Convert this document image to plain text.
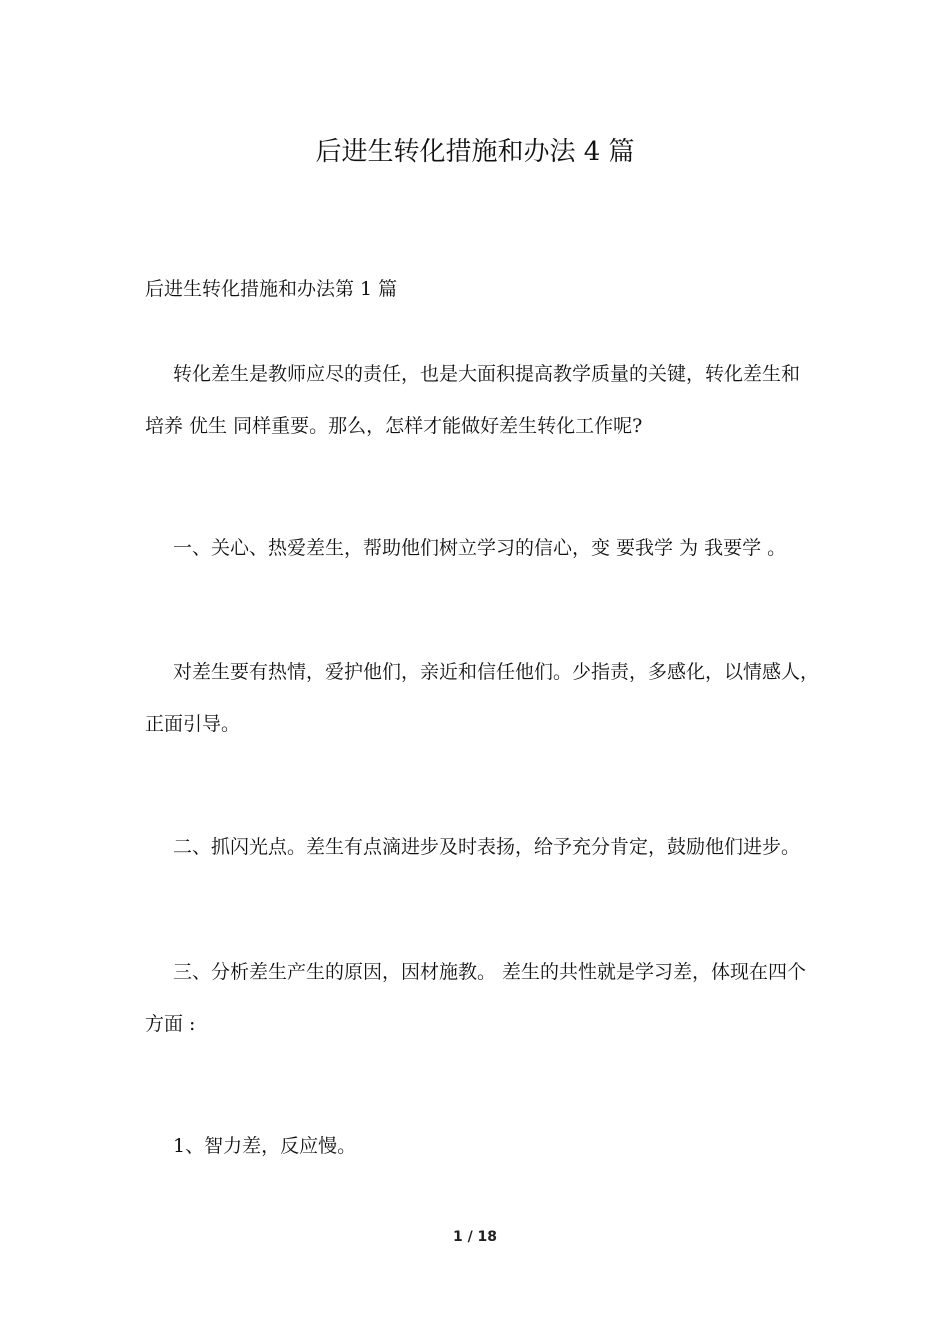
后进生转化措施和办法 4 篇
后进生转化措施和办法第 1 篇
转化差生是教师应尽的责任，也是大面积提高教学质量的关键，转化差生和
培养 优生 同样重要。那么，怎样才能做好差生转化工作呢?
一、关心、热爱差生，帮助他们树立学习的信心，变 要我学 为 我要学 。
对差生要有热情，爱护他们，亲近和信任他们。少指责，多感化，以情感人，
正面引导。
二、抓闪光点。差生有点滴进步及时表扬，给予充分肯定，鼓励他们进步。
三、分析差生产生的原因，因材施教。 差生的共性就是学习差，体现在四个
方面 :
1、智力差，反应慢。
1 / 18
